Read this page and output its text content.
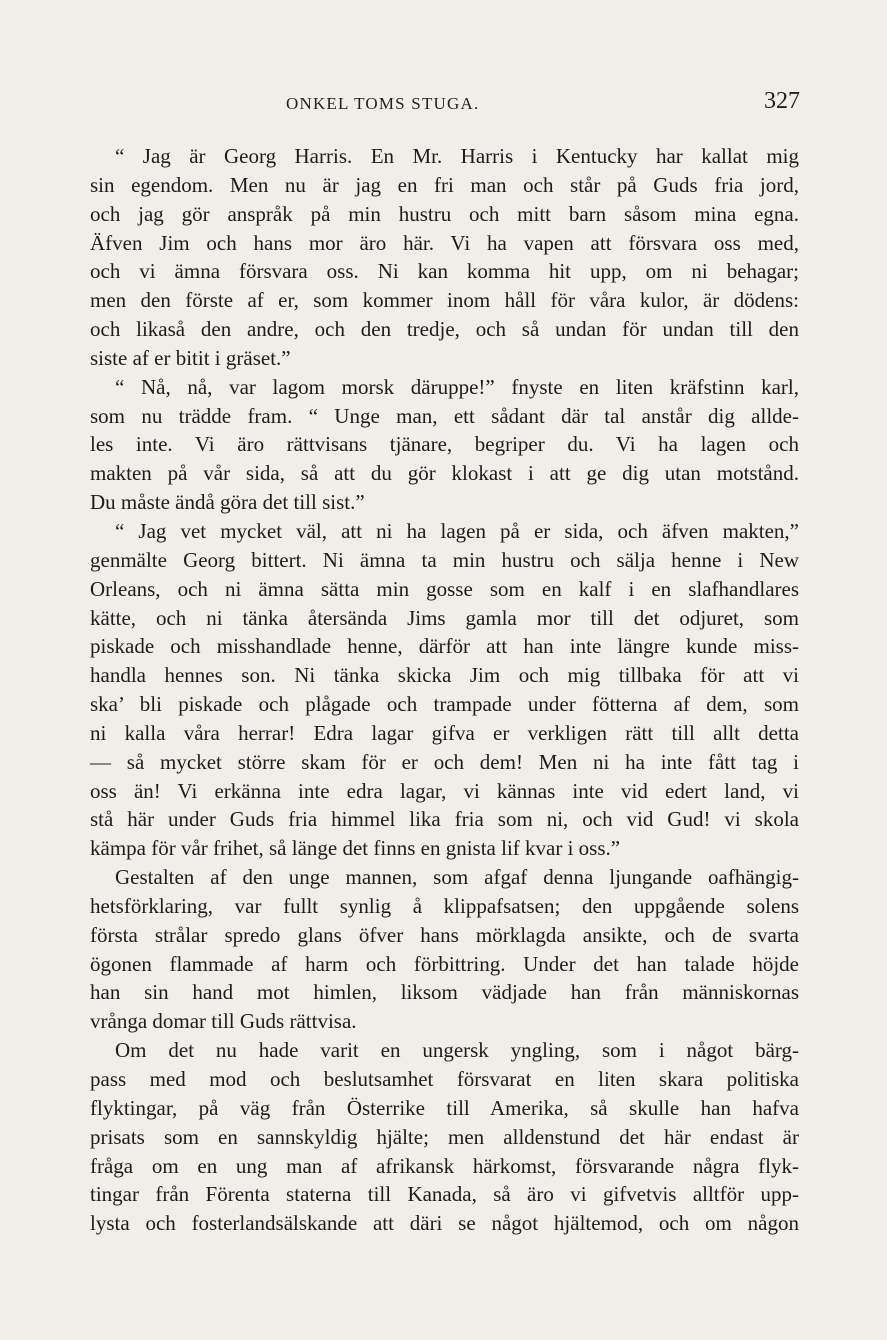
ONKEL TOMS STUGA.	327
“ Jag är Georg Harris. En Mr. Harris i Kentucky har kallat mig
sin egendom. Men nu är jag en fri man och står på Guds fria jord,
och jag gör anspråk på min hustru och mitt barn såsom mina egna.
Äfven Jim och hans mor äro här. Vi ha vapen att försvara oss med,
och vi ämna försvara oss. Ni kan komma hit upp, om ni behagar;
men den förste af er, som kommer inom håll för våra kulor, är dödens:
och likaså den andre, och den tredje, och så undan för undan till den
siste af er bitit i gräset.”
“ Nå, nå, var lagom morsk däruppe!” fnyste en liten kräfstinn karl,
som nu trädde fram. “ Unge man, ett sådant där tal anstår dig allde-
les inte. Vi äro rättvisans tjänare, begriper du. Vi ha lagen och
makten på vår sida, så att du gör klokast i att ge dig utan motstånd.
Du måste ändå göra det till sist.”
“ Jag vet mycket väl, att ni ha lagen på er sida, och äfven makten,”
genmälte Georg bittert. Ni ämna ta min hustru och sälja henne i New
Orleans, och ni ämna sätta min gosse som en kalf i en slafhandlares
kätte, och ni tänka återsända Jims gamla mor till det odjuret, som
piskade och misshandlade henne, därför att han inte längre kunde miss-
handla hennes son. Ni tänka skicka Jim och mig tillbaka för att vi
ska’ bli piskade och plågade och trampade under fötterna af dem, som
ni kalla våra herrar! Edra lagar gifva er verkligen rätt till allt detta
— så mycket större skam för er och dem! Men ni ha inte fått tag i
oss än! Vi erkänna inte edra lagar, vi kännas inte vid edert land, vi
stå här under Guds fria himmel lika fria som ni, och vid Gud! vi skola
kämpa för vår frihet, så länge det finns en gnista lif kvar i oss.”
Gestalten af den unge mannen, som afgaf denna ljungande oafhängig-
hetsförklaring, var fullt synlig å klippafsatsen; den uppgående solens
första strålar spredo glans öfver hans mörklagda ansikte, och de svarta
ögonen flammade af harm och förbittring. Under det han talade höjde
han sin hand mot himlen, liksom vädjade han från människornas
vrånga domar till Guds rättvisa.
Om det nu hade varit en ungersk yngling, som i något bärg-
pass med mod och beslutsamhet försvarat en liten skara politiska
flyktingar, på väg från Österrike till Amerika, så skulle han hafva
prisats som en sannskyldig hjälte; men alldenstund det här endast är
fråga om en ung man af afrikansk härkomst, försvarande några flyk-
tingar från Förenta staterna till Kanada, så äro vi gifvetvis alltför upp-
lysta och fosterlandsälskande att däri se något hjältemod, och om någon
